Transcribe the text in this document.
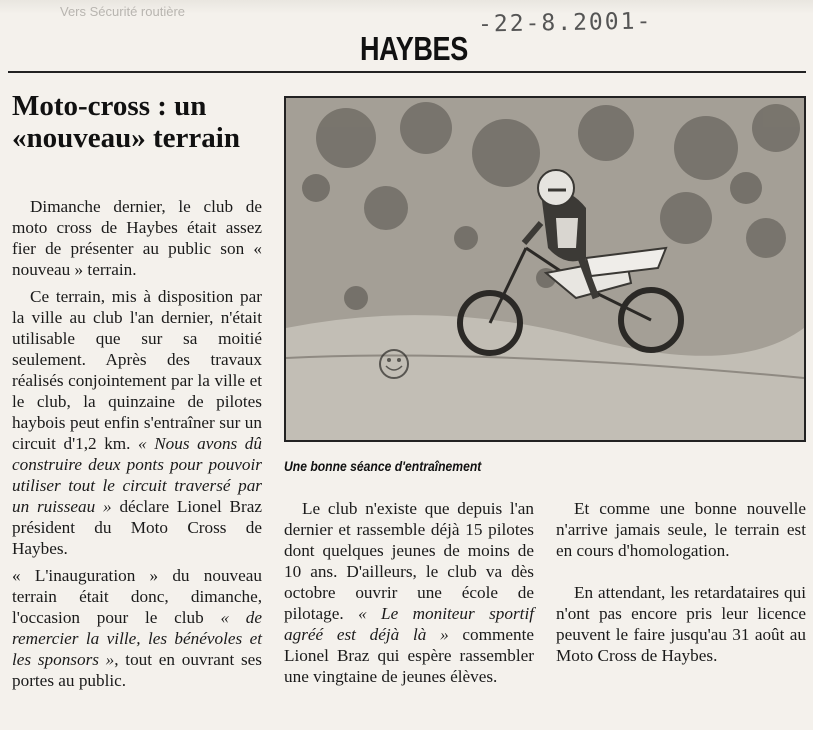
Vers Sécurité routière	-22-8.2001-
HAYBES
Moto-cross : un «nouveau» terrain
Une bonne séance d'entraînement

Dimanche dernier, le club de moto cross de Haybes était assez fier de présenter au public son « nouveau » terrain.

Ce terrain, mis à disposition par la ville au club l'an dernier, n'était utilisable que sur sa moitié seulement. Après des travaux réalisés conjointement par la ville et le club, la quinzaine de pilotes haybois peut enfin s'entraîner sur un circuit d'1,2 km. « Nous avons dû construire deux ponts pour pouvoir utiliser tout le circuit traversé par un ruisseau » déclare Lionel Braz président du Moto Cross de Haybes.

« L'inauguration » du nouveau terrain était donc, dimanche, l'occasion pour le club « de remercier la ville, les bénévoles et les sponsors », tout en ouvrant ses portes au public.

Le club n'existe que depuis l'an dernier et rassemble déjà 15 pilotes dont quelques jeunes de moins de 10 ans. D'ailleurs, le club va dès octobre ouvrir une école de pilotage. « Le moniteur sportif agréé est déjà là » commente Lionel Braz qui espère rassembler une vingtaine de jeunes élèves.

Et comme une bonne nouvelle n'arrive jamais seule, le terrain est en cours d'homologation.

En attendant, les retardataires qui n'ont pas encore pris leur licence peuvent le faire jusqu'au 31 août au Moto Cross de Haybes.
